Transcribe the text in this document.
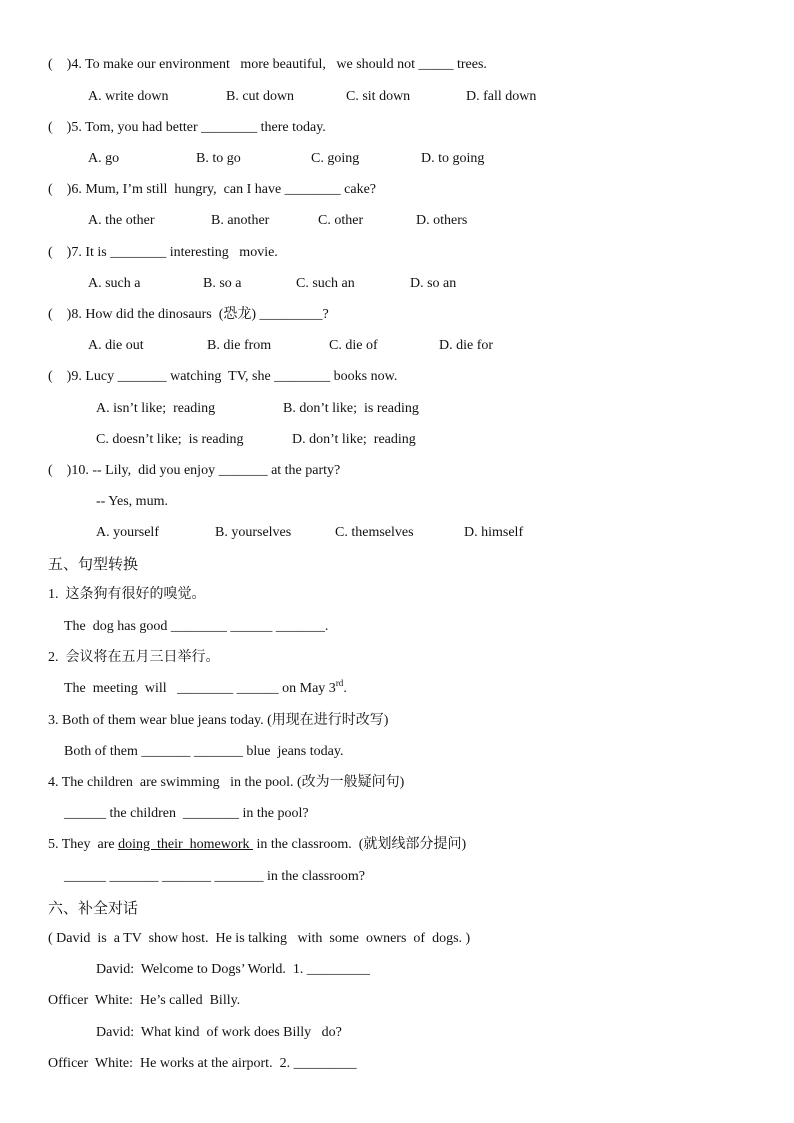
(    )4. To make our environment   more beautiful,   we should not _____ trees.
A. write down	B. cut down	C. sit down	D. fall down
(    )5. Tom, you had better ________ there today.
A. go	B. to go	C. going	D. to going
(    )6. Mum, I’m still  hungry,  can I have ________ cake?
A. the other	B. another	C. other	D. others
(    )7. It is ________ interesting   movie.
A. such a	B. so a	C. such an	D. so an
(    )8. How did the dinosaurs  (恐龙) _________?
A. die out	B. die from	C. die of	D. die for
(    )9. Lucy _______ watching  TV, she ________ books now.
A. isn’t like;  reading	B. don’t like;  is reading
C. doesn’t like;  is reading	D. don’t like;  reading
(    )10. -- Lily,  did you enjoy _______ at the party?
-- Yes, mum.
A. yourself	B. yourselves	C. themselves	D. himself
五、句型转换
1.  这条狗有很好的嗅觉。
The  dog has good ________ ______ _______.
2.  会议将在五月三日举行。
The  meeting  will   ________ ______ on May 3rd.
3. Both of them wear blue jeans today. (用现在进行时改写)
Both of them _______ _______ blue  jeans today.
4. The children  are swimming   in the pool. (改为一般疑问句)
______ the children  ________ in the pool?
5. They  are doing  their  homework  in the classroom.  (就划线部分提问)
______ _______ _______ _______ in the classroom?
六、补全对话
( David  is  a TV  show host.  He is talking   with  some  owners  of  dogs. )
David:  Welcome to Dogs’ World.  1. _________
Officer  White:  He’s called  Billy.
David:  What kind  of work does Billy   do?
Officer  White:  He works at the airport.  2. _________
